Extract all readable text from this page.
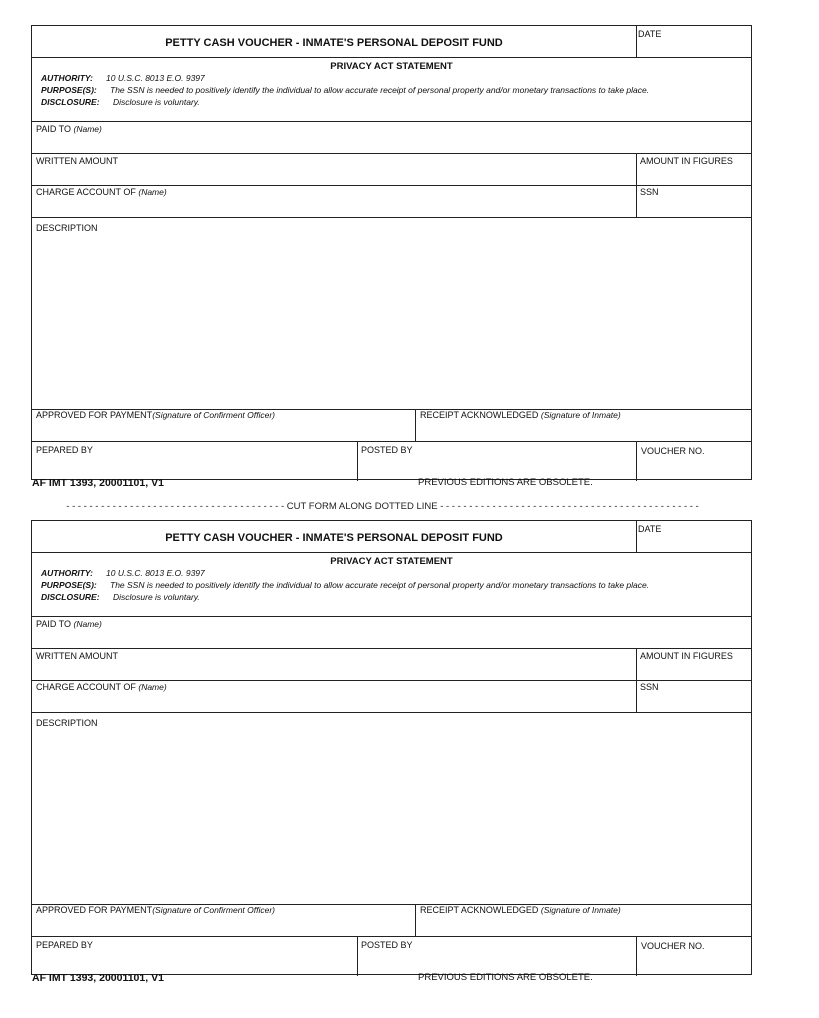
PETTY CASH VOUCHER - INMATE'S PERSONAL DEPOSIT FUND
DATE
PRIVACY ACT STATEMENT
AUTHORITY: 10 U.S.C. 8013 E.O. 9397
PURPOSE(S): The SSN is needed to positively identify the individual to allow accurate receipt of personal property and/or monetary transactions to take place.
DISCLOSURE: Disclosure is voluntary.
PAID TO (Name)
WRITTEN AMOUNT	AMOUNT IN FIGURES
CHARGE ACCOUNT OF (Name)	SSN
DESCRIPTION
APPROVED FOR PAYMENT(Signature of Confirment Officer)	RECEIPT ACKNOWLEDGED (Signature of Inmate)
PEPARED BY	POSTED BY	VOUCHER NO.
AF IMT 1393, 20001101, V1	PREVIOUS EDITIONS ARE OBSOLETE.
- - - - - - - - - - - - - - - - - - - - - - - - - - - - - - - - - - - - - - CUT FORM ALONG DOTTED LINE - - - - - - - - - - - - - - - - - - - - - - - - - - - - - - - - - - - - - - - - - - - - -
PETTY CASH VOUCHER - INMATE'S PERSONAL DEPOSIT FUND
DATE
PRIVACY ACT STATEMENT
AUTHORITY: 10 U.S.C. 8013 E.O. 9397
PURPOSE(S): The SSN is needed to positively identify the individual to allow accurate receipt of personal property and/or monetary transactions to take place.
DISCLOSURE: Disclosure is voluntary.
PAID TO (Name)
WRITTEN AMOUNT	AMOUNT IN FIGURES
CHARGE ACCOUNT OF (Name)	SSN
DESCRIPTION
APPROVED FOR PAYMENT(Signature of Confirment Officer)	RECEIPT ACKNOWLEDGED (Signature of Inmate)
PEPARED BY	POSTED BY	VOUCHER NO.
AF IMT 1393, 20001101, V1	PREVIOUS EDITIONS ARE OBSOLETE.
